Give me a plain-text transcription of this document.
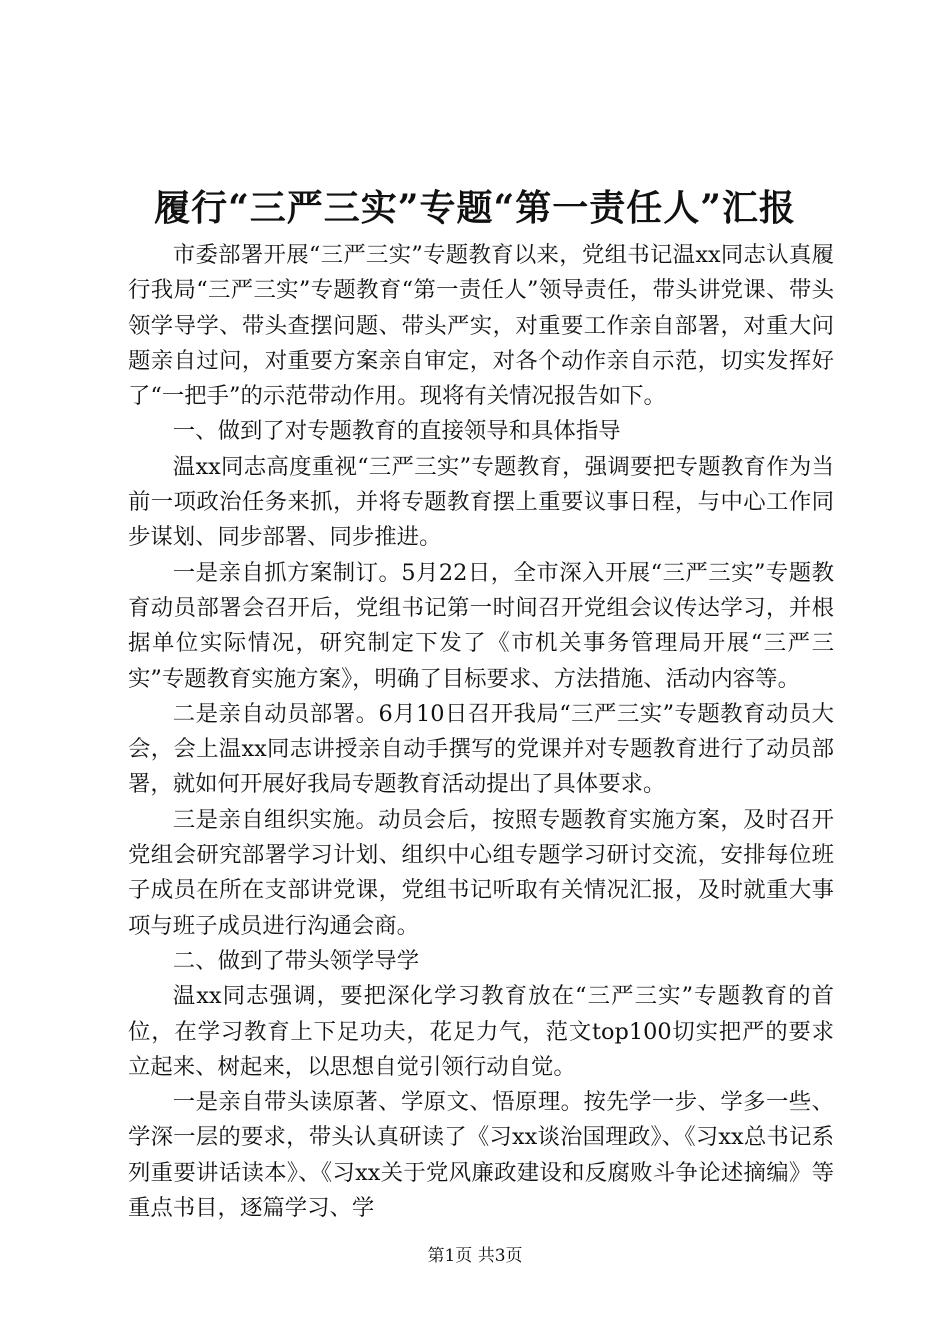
履行“三严三实”专题“第一责任人”汇报

市委部署开展“三严三实”专题教育以来，党组书记温xx同志认真履行我局“三严三实”专题教育“第一责任人”领导责任，带头讲党课、带头领学导学、带头查摆问题、带头严实，对重要工作亲自部署，对重大问题亲自过问，对重要方案亲自审定，对各个动作亲自示范，切实发挥好了“一把手”的示范带动作用。现将有关情况报告如下。

一、做到了对专题教育的直接领导和具体指导

温xx同志高度重视“三严三实”专题教育，强调要把专题教育作为当前一项政治任务来抓，并将专题教育摆上重要议事日程，与中心工作同步谋划、同步部署、同步推进。

一是亲自抓方案制订。5月22日，全市深入开展“三严三实”专题教育动员部署会召开后，党组书记第一时间召开党组会议传达学习，并根据单位实际情况，研究制定下发了《市机关事务管理局开展“三严三实”专题教育实施方案》，明确了目标要求、方法措施、活动内容等。

二是亲自动员部署。6月10日召开我局“三严三实”专题教育动员大会，会上温xx同志讲授亲自动手撰写的党课并对专题教育进行了动员部署，就如何开展好我局专题教育活动提出了具体要求。

三是亲自组织实施。动员会后，按照专题教育实施方案，及时召开党组会研究部署学习计划、组织中心组专题学习研讨交流，安排每位班子成员在所在支部讲党课，党组书记听取有关情况汇报，及时就重大事项与班子成员进行沟通会商。

二、做到了带头领学导学

温xx同志强调，要把深化学习教育放在“三严三实”专题教育的首位，在学习教育上下足功夫，花足力气，范文top100切实把严的要求立起来、树起来，以思想自觉引领行动自觉。

一是亲自带头读原著、学原文、悟原理。按先学一步、学多一些、学深一层的要求，带头认真研读了《习xx谈治国理政》、《习xx总书记系列重要讲话读本》、《习xx关于党风廉政建设和反腐败斗争论述摘编》等重点书目，逐篇学习、学

第1页 共3页
